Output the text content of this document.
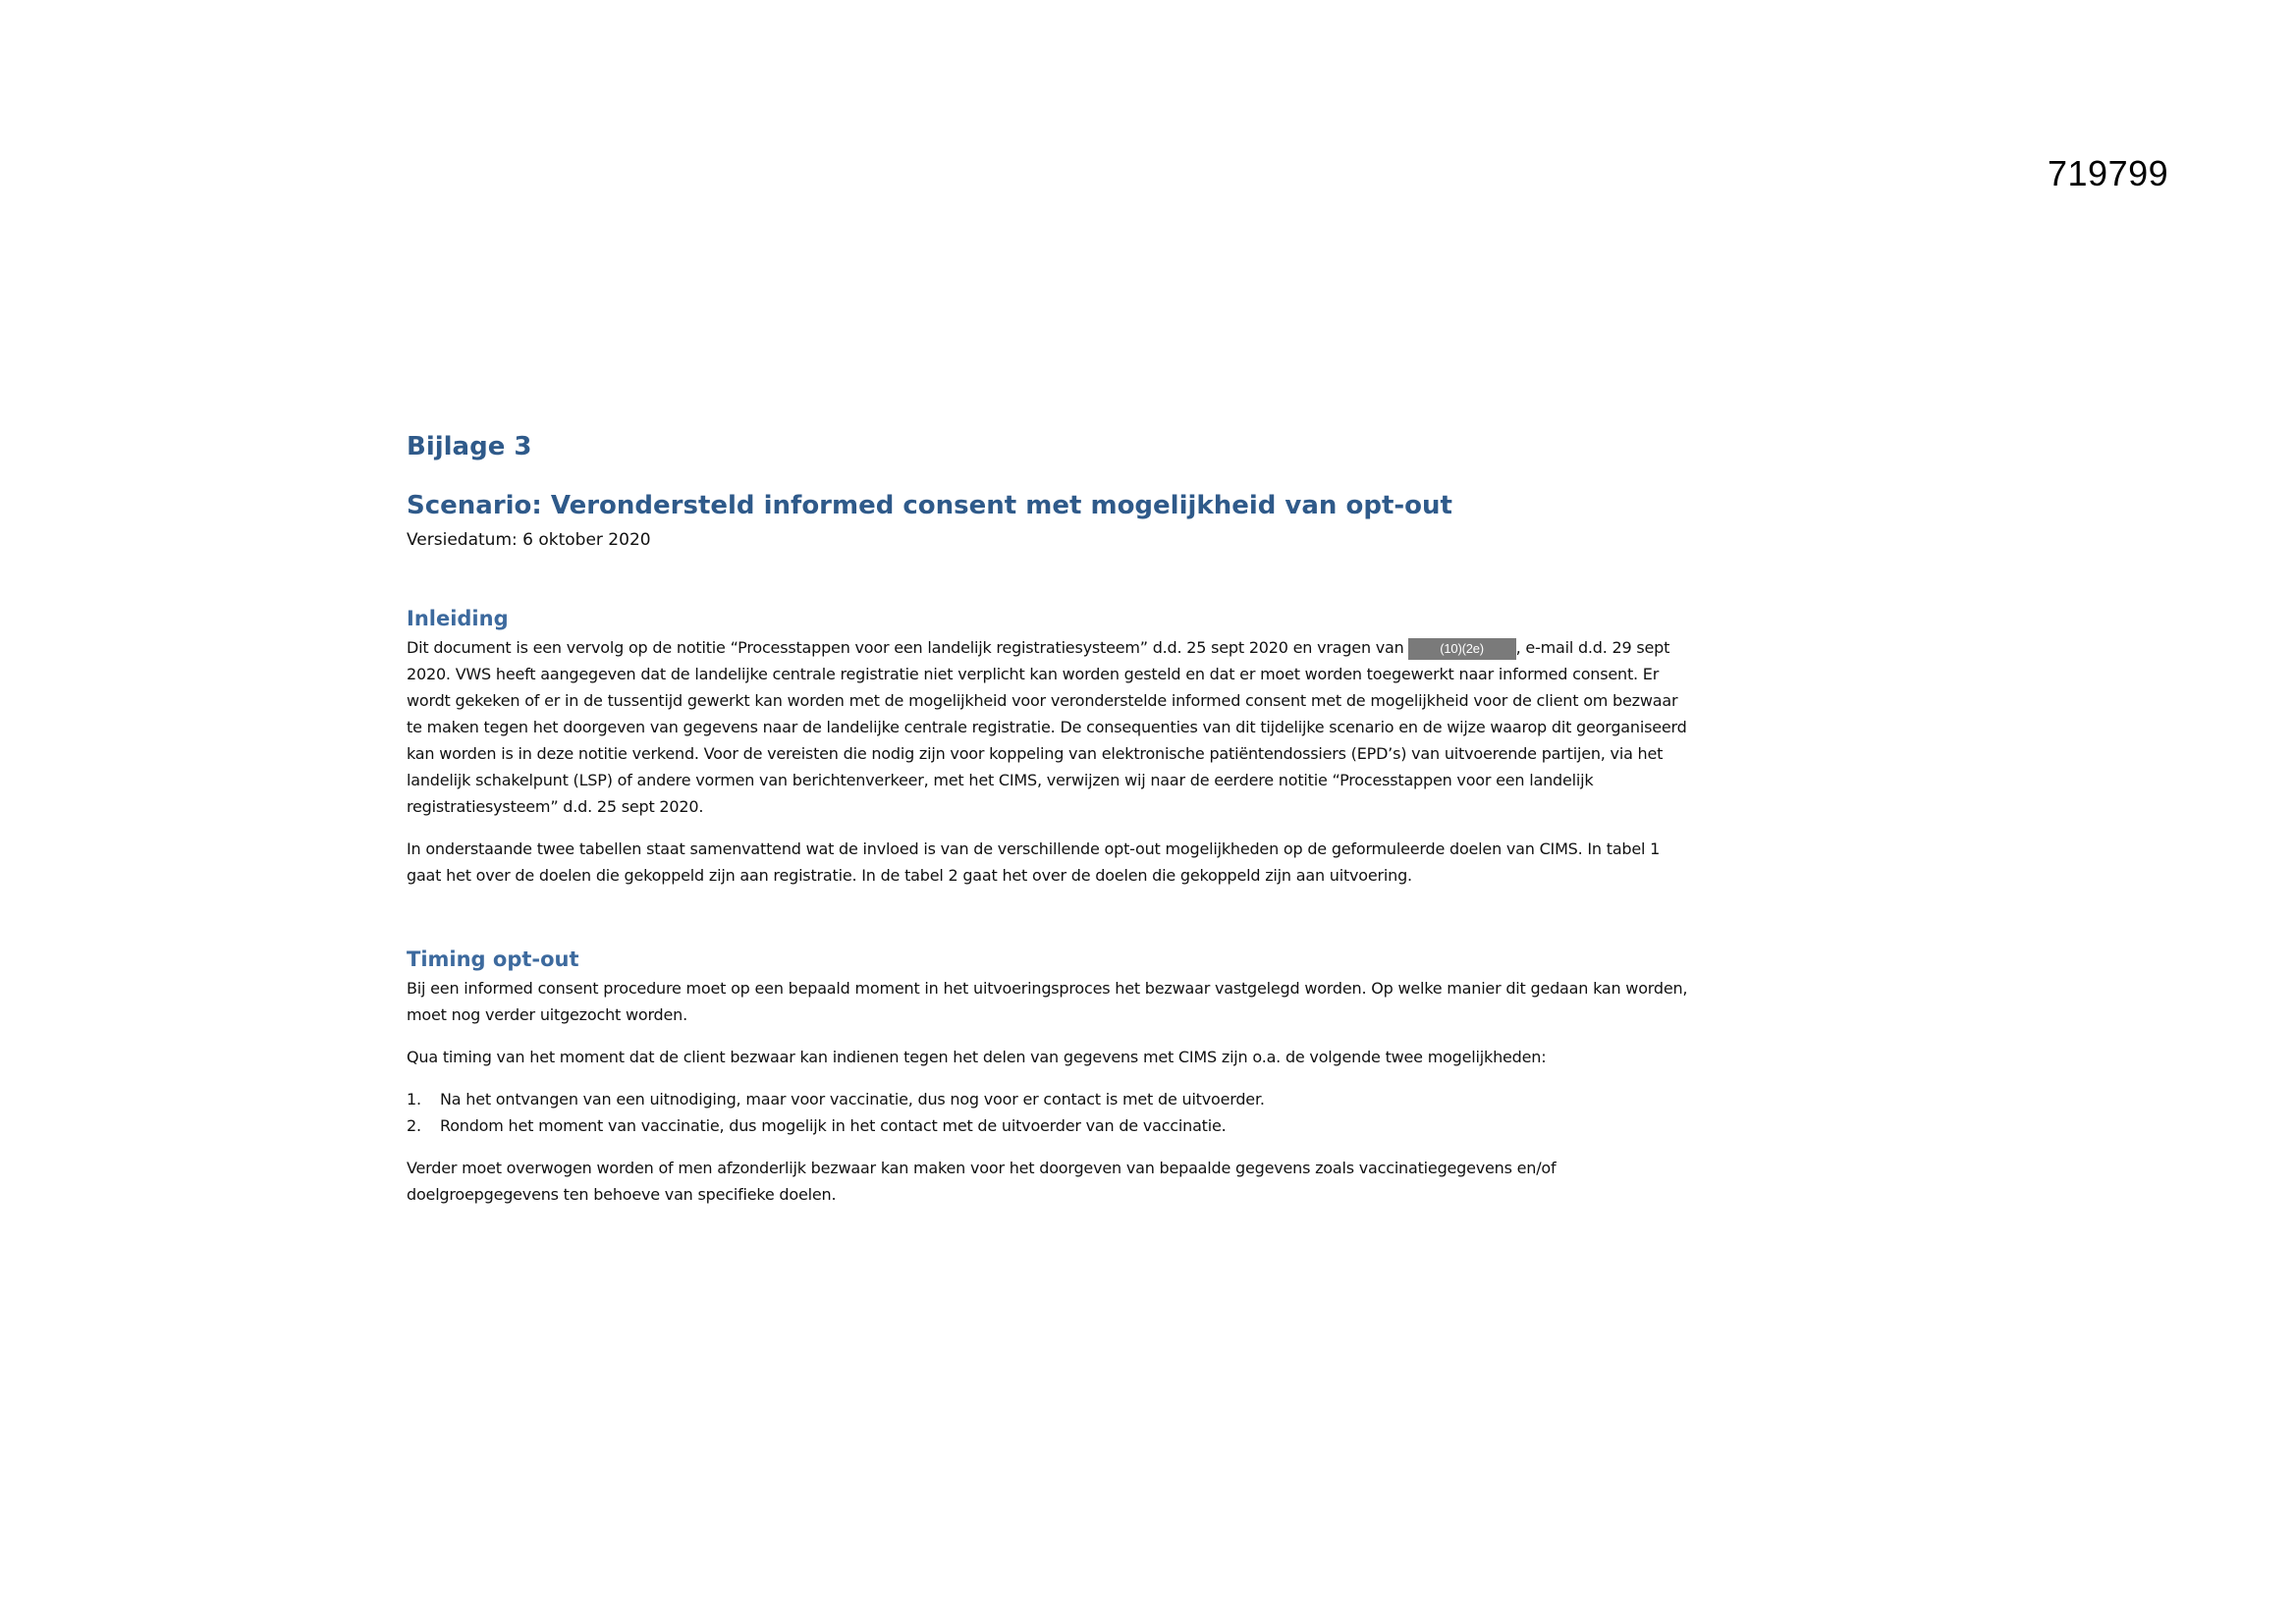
719799
Bijlage 3
Scenario: Verondersteld informed consent met mogelijkheid van opt-out

Versiedatum: 6 oktober 2020

Inleiding

Dit document is een vervolg op de notitie “Processtappen voor een landelijk registratiesysteem” d.d. 25 sept 2020 en vragen van	(10)(2e) , e-mail d.d. 29 sept 2020. VWS heeft aangegeven dat de landelijke centrale registratie niet verplicht kan worden gesteld en dat er moet worden toegewerkt naar informed consent. Er wordt gekeken of er in de tussentijd gewerkt kan worden met de mogelijkheid voor veronderstelde informed consent met de mogelijkheid voor de client om bezwaar te maken tegen het doorgeven van gegevens naar de landelijke centrale registratie. De consequenties van dit tijdelijke scenario en de wijze waarop dit georganiseerd kan worden is in deze notitie verkend. Voor de vereisten die nodig zijn voor koppeling van elektronische patiëntendossiers (EPD’s) van uitvoerende partijen, via het landelijk schakelpunt (LSP) of andere vormen van berichtenverkeer, met het CIMS, verwijzen wij naar de eerdere notitie “Processtappen voor een landelijk registratiesysteem” d.d. 25 sept 2020.

In onderstaande twee tabellen staat samenvattend wat de invloed is van de verschillende opt-out mogelijkheden op de geformuleerde doelen van CIMS. In tabel 1 gaat het over de doelen die gekoppeld zijn aan registratie. In de tabel 2 gaat het over de doelen die gekoppeld zijn aan uitvoering.

Timing opt-out

Bij een informed consent procedure moet op een bepaald moment in het uitvoeringsproces het bezwaar vastgelegd worden. Op welke manier dit gedaan kan worden, moet nog verder uitgezocht worden.

Qua timing van het moment dat de client bezwaar kan indienen tegen het delen van gegevens met CIMS zijn o.a. de volgende twee mogelijkheden:

1.	Na het ontvangen van een uitnodiging, maar voor vaccinatie, dus nog voor er contact is met de uitvoerder.
2.	Rondom het moment van vaccinatie, dus mogelijk in het contact met de uitvoerder van de vaccinatie.

Verder moet overwogen worden of men afzonderlijk bezwaar kan maken voor het doorgeven van bepaalde gegevens zoals vaccinatiegegevens en/of doelgroepgegevens ten behoeve van specifieke doelen.
